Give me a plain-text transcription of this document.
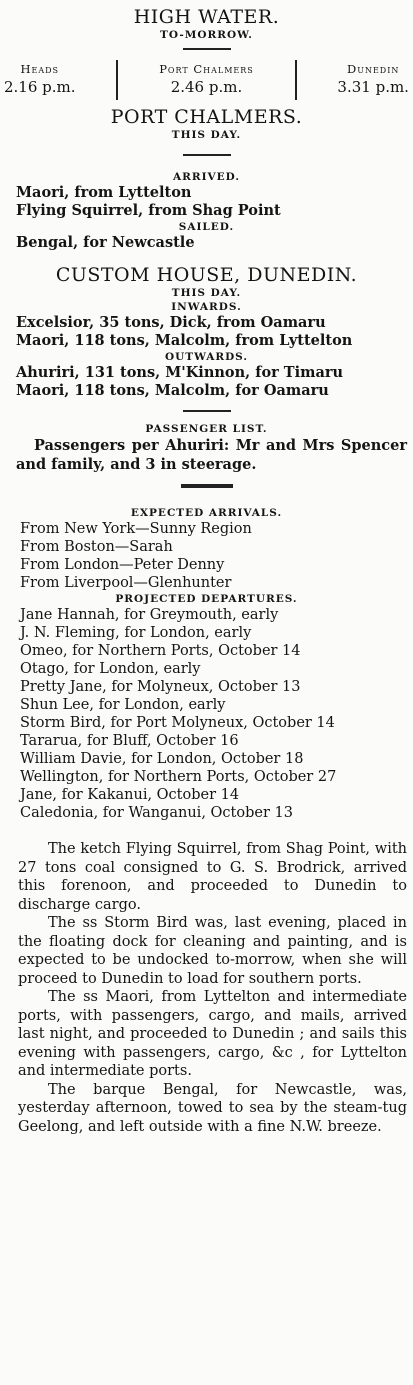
HIGH WATER.
TO-MORROW.
Heads
2.16 p.m.
Port Chalmers
2.46 p.m.
Dunedin
3.31 p.m.
PORT CHALMERS.
THIS DAY.
ARRIVED.
Maori, from Lyttelton
Flying Squirrel, from Shag Point
SAILED.
Bengal, for Newcastle
CUSTOM HOUSE, DUNEDIN.
THIS DAY.
INWARDS.
Excelsior, 35 tons, Dick, from Oamaru
Maori, 118 tons, Malcolm, from Lyttelton
OUTWARDS.
Ahuriri, 131 tons, M'Kinnon, for Timaru
Maori, 118 tons, Malcolm, for Oamaru
PASSENGER LIST.

Passengers per Ahuriri: Mr and Mrs Spencer and family, and 3 in steerage.

EXPECTED ARRIVALS.
From New York—Sunny Region
From Boston—Sarah
From London—Peter Denny
From Liverpool—Glenhunter
PROJECTED DEPARTURES.
Jane Hannah, for Greymouth, early
J. N. Fleming, for London, early
Omeo, for Northern Ports, October 14
Otago, for London, early
Pretty Jane, for Molyneux, October 13
Shun Lee, for London, early
Storm Bird, for Port Molyneux, October 14
Tararua, for Bluff, October 16
William Davie, for London, October 18
Wellington, for Northern Ports, October 27
Jane, for Kakanui, October 14
Caledonia, for Wanganui, October 13

The ketch Flying Squirrel, from Shag Point, with 27 tons coal consigned to G. S. Brodrick, arrived this forenoon, and proceeded to Dunedin to discharge cargo.

The ss Storm Bird was, last evening, placed in the floating dock for cleaning and painting, and is expected to be undocked to-morrow, when she will proceed to Dunedin to load for southern ports.

The ss Maori, from Lyttelton and intermediate ports, with passengers, cargo, and mails, arrived last night, and proceeded to Dunedin ; and sails this evening with passengers, cargo, &c , for Lyttelton and intermediate ports.

The barque Bengal, for Newcastle, was, yesterday afternoon, towed to sea by the steam-tug Geelong, and left outside with a fine N.W. breeze.
